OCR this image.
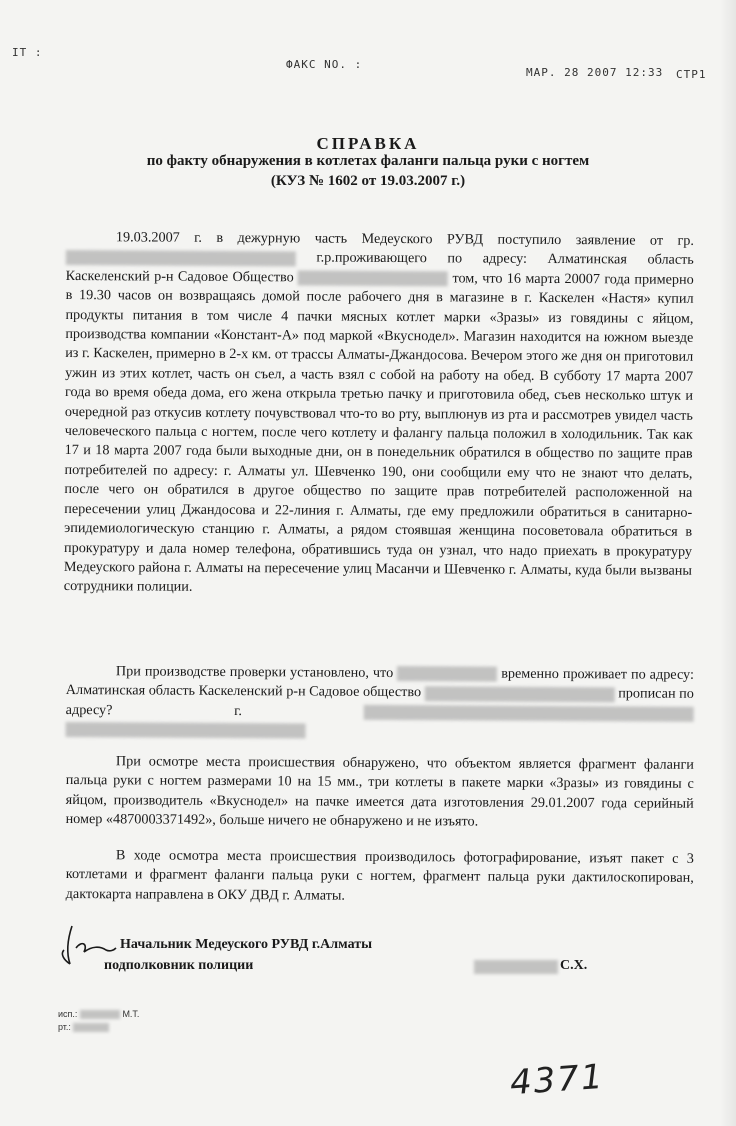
IT :
ФАКС NO. :
МАР. 28 2007 12:33 СТР1
СПРАВКА
по факту обнаружения в котлетах фаланги пальца руки с ногтем
(КУЗ № 1602 от 19.03.2007 г.)
19.03.2007 г. в дежурную часть Медеуского РУВД поступило заявление от гр.  г.р.проживающего по адресу: Алматинская область Каскеленский р-н Садовое Общество	том, что 16 марта 20007 года примерно в 19.30 часов он возвращаясь домой после рабочего дня в магазине в г. Каскелен «Настя» купил продукты питания в том числе 4 пачки мясных котлет марки «Зразы» из говядины с яйцом, производства компании «Констант-А» под маркой «Вкуснодел». Магазин находится на южном выезде из г. Каскелен, примерно в 2-х км. от трассы Алматы-Джандосова. Вечером этого же дня он приготовил ужин из этих котлет, часть он съел, а часть взял с собой на работу на обед. В субботу 17 марта 2007 года во время обеда дома, его жена открыла третью пачку и приготовила обед, съев несколько штук и очередной раз откусив котлету почувствовал что-то во рту, выплюнув из рта и рассмотрев увидел часть человеческого пальца с ногтем, после чего котлету и фалангу пальца положил в холодильник. Так как 17 и 18 марта 2007 года были выходные дни, он в понедельник обратился в общество по защите прав потребителей по адресу: г. Алматы ул. Шевченко 190, они сообщили ему что не знают что делать, после чего он обратился в другое общество по защите прав потребителей расположенной на пересечении улиц Джандосова и 22-линия г. Алматы, где ему предложили обратиться в санитарно-эпидемиологическую станцию г. Алматы, а рядом стоявшая женщина посоветовала обратиться в прокуратуру и дала номер телефона, обратившись туда он узнал, что надо приехать в прокуратуру Медеуского района г. Алматы на пересечение улиц Масанчи и Шевченко г. Алматы, куда были вызваны сотрудники полиции.
При производстве проверки установлено, что	временно проживает по адресу: Алматинская область Каскеленский р-н Садовое общество	прописан по адресу? г.
При осмотре места происшествия обнаружено, что объектом является фрагмент фаланги пальца руки с ногтем размерами 10 на 15 мм., три котлеты в пакете марки «Зразы» из говядины с яйцом, производитель «Вкуснодел» на пачке имеется дата изготовления 29.01.2007 года серийный номер «4870003371492», больше ничего не обнаружено и не изъято.
В ходе осмотра места происшествия производилось фотографирование, изъят пакет с 3 котлетами и фрагмент фаланги пальца руки с ногтем, фрагмент пальца руки дактилоскопирован, дактокарта направлена в ОКУ ДВД г. Алматы.
Начальник Медеуского РУВД г.Алматы
подполковник полиции	С.Х.
исп.:	М.Т.
рт.:
4371
